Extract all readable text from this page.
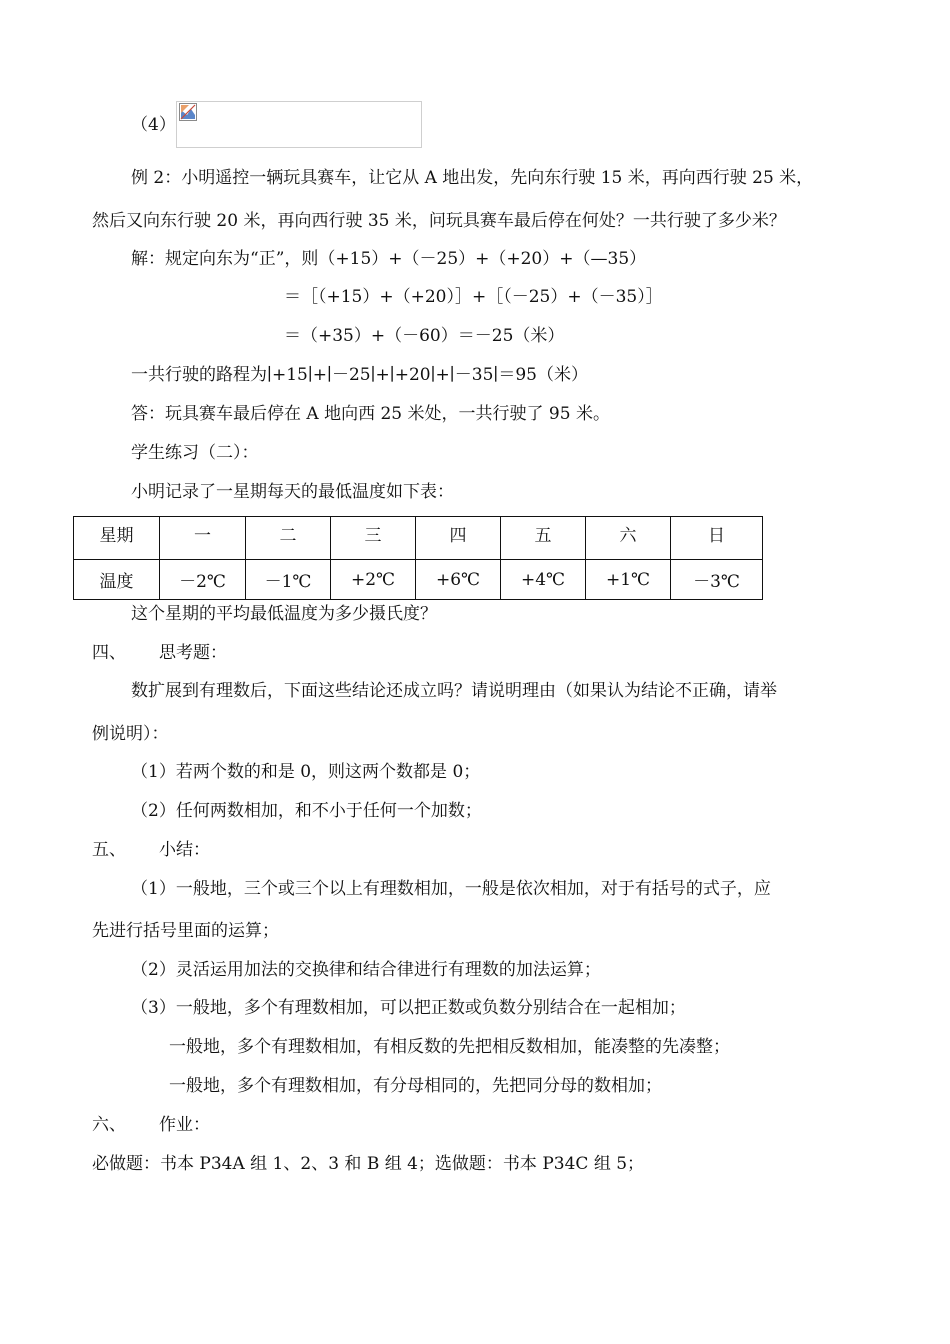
（4）
例 2：小明遥控一辆玩具赛车，让它从 A 地出发，先向东行驶 15 米，再向西行驶 25 米，
然后又向东行驶 20 米，再向西行驶 35 米，问玩具赛车最后停在何处？一共行驶了多少米？
解：规定向东为“正”，则（+15）+（－25）+（+20）+（—35）
＝［（+15）+（+20）］+［（－25）+（－35）］
＝（+35）+（－60）＝－25（米）
一共行驶的路程为∣+15∣+∣－25∣+∣+20∣+∣－35∣＝95（米）
答：玩具赛车最后停在 A 地向西 25 米处，一共行驶了 95 米。
学生练习（二）：
小明记录了一星期每天的最低温度如下表：
星期	一	二	三	四	五	六	日
温度	－2℃	－1℃	+2℃	+6℃	+4℃	+1℃	－3℃
这个星期的平均最低温度为多少摄氏度？
四、 思考题：
数扩展到有理数后，下面这些结论还成立吗？请说明理由（如果认为结论不正确，请举
例说明）：
（1）若两个数的和是 0，则这两个数都是 0；
（2）任何两数相加，和不小于任何一个加数；
五、 小结：
（1）一般地，三个或三个以上有理数相加，一般是依次相加，对于有括号的式子，应
先进行括号里面的运算；
（2）灵活运用加法的交换律和结合律进行有理数的加法运算；
（3）一般地，多个有理数相加，可以把正数或负数分别结合在一起相加；
一般地，多个有理数相加，有相反数的先把相反数相加，能凑整的先凑整；
一般地，多个有理数相加，有分母相同的，先把同分母的数相加；
六、 作业：
必做题：书本 P34A 组 1、2、3 和 B 组 4；选做题：书本 P34C 组 5；
